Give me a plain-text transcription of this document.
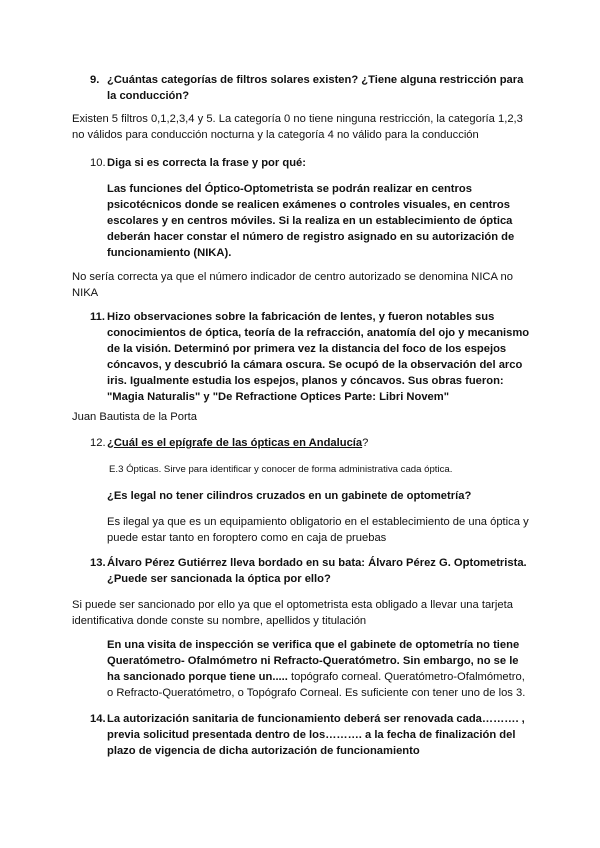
9. ¿Cuántas categorías de filtros solares existen? ¿Tiene alguna restricción para
la conducción?
Existen 5 filtros 0,1,2,3,4 y 5. La categoría 0 no tiene ninguna restricción, la categoría 1,2,3
no válidos para conducción nocturna y la categoría 4 no válido para la conducción
10.Diga si es correcta la frase y por qué:
Las funciones del Óptico-Optometrista se podrán realizar en centros
psicotécnicos donde se realicen exámenes o controles visuales, en centros
escolares y en centros móviles. Si la realiza en un establecimiento de óptica
deberán hacer constar el número de registro asignado en su autorización de
funcionamiento (NIKA).
No sería correcta ya que el número indicador de centro autorizado se denomina NICA no
NIKA
11. Hizo observaciones sobre la fabricación de lentes, y fueron notables sus
conocimientos de óptica, teoría de la refracción, anatomía del ojo y mecanismo
de la visión. Determinó por primera vez la distancia del foco de los espejos
cóncavos, y descubrió la cámara oscura. Se ocupó de la observación del arco
iris. Igualmente estudia los espejos, planos y cóncavos. Sus obras fueron:
"Magia Naturalis" y "De Refractione Optices Parte: Libri Novem"
Juan Bautista de la Porta
12.¿Cuál es el epígrafe de las ópticas en Andalucía?
E.3 Ópticas. Sirve para identificar y conocer de forma administrativa cada óptica.
¿Es legal no tener cilindros cruzados en un gabinete de optometría?
Es ilegal ya que es un equipamiento obligatorio en el establecimiento de una óptica y
puede estar tanto en foroptero como en caja de pruebas
13.Álvaro Pérez Gutiérrez lleva bordado en su bata: Álvaro Pérez G. Optometrista.
¿Puede ser sancionada la óptica por ello?
Si puede ser sancionado por ello ya que el optometrista esta obligado a llevar una tarjeta
identificativa donde conste su nombre, apellidos y titulación
En una visita de inspección se verifica que el gabinete de optometría no tiene
Queratómetro- Ofalmómetro ni Refracto-Queratómetro. Sin embargo, no se le
ha sancionado porque tiene un..... topógrafo corneal. Queratómetro-Ofalmómetro,
o Refracto-Queratómetro, o Topógrafo Corneal. Es suficiente con tener uno de los 3.
14.La autorización sanitaria de funcionamiento deberá ser renovada cada………. ,
previa solicitud presentada dentro de los………. a la fecha de finalización del
plazo de vigencia de dicha autorización de funcionamiento
